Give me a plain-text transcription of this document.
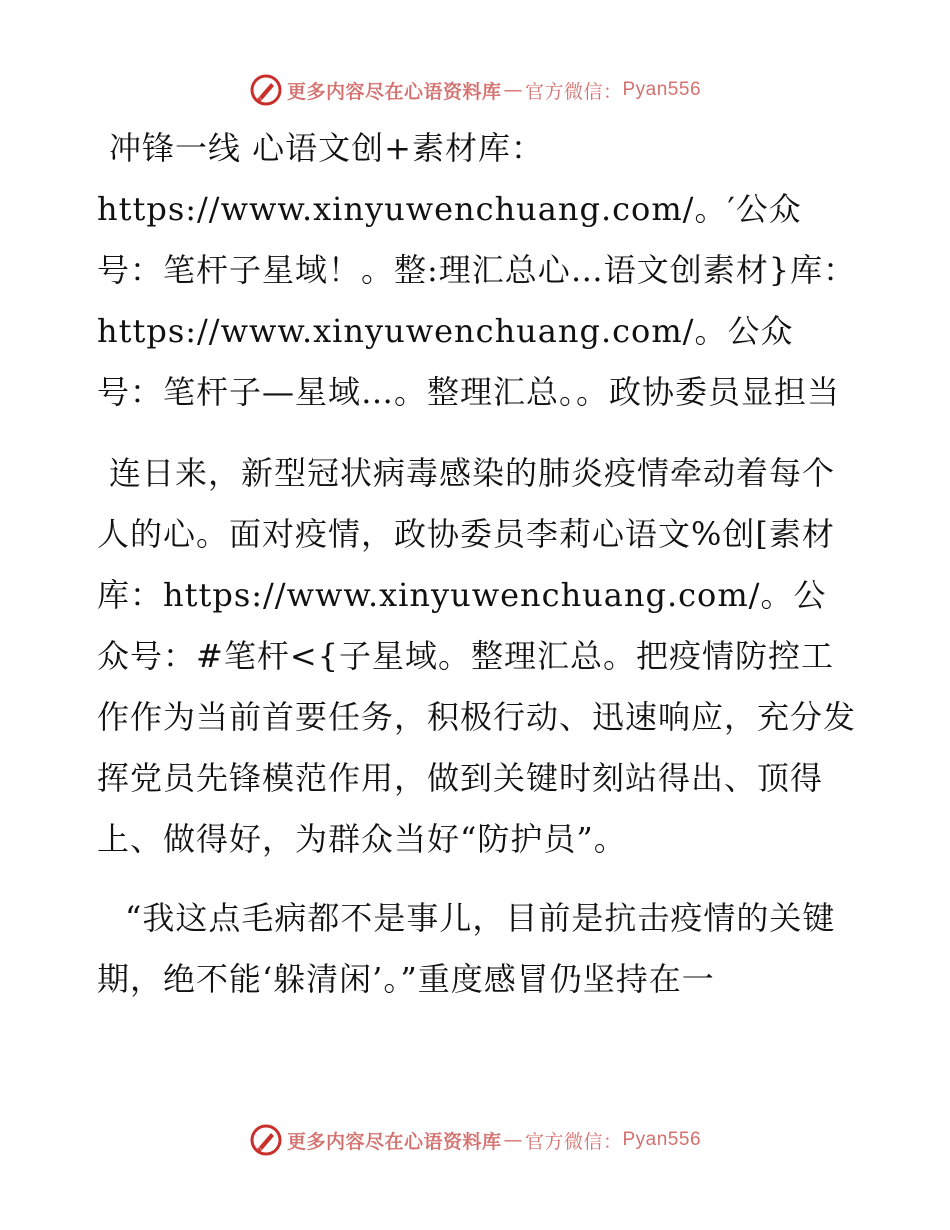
更多内容尽在心语资料库 — 官方微信： Pyan556

冲锋一线 心语文创+素材库：https://www.xinyuwenchuang.com/。′公众号：笔杆子星域！。整:理汇总心…语文创素材}库：https://www.xinyuwenchuang.com/。公众号：笔杆子—星域…。整理汇总。。政协委员显担当

连日来，新型冠状病毒感染的肺炎疫情牵动着每个人的心。面对疫情，政协委员李莉心语文%创[素材库：https://www.xinyuwenchuang.com/。公众号：#笔杆<{子星域。整理汇总。把疫情防控工作作为当前首要任务，积极行动、迅速响应，充分发挥党员先锋模范作用，做到关键时刻站得出、顶得上、做得好，为群众当好“防护员”。

“我这点毛病都不是事儿，目前是抗击疫情的关键期，绝不能‘躲清闲’。”重度感冒仍坚持在一

更多内容尽在心语资料库 — 官方微信： Pyan556
